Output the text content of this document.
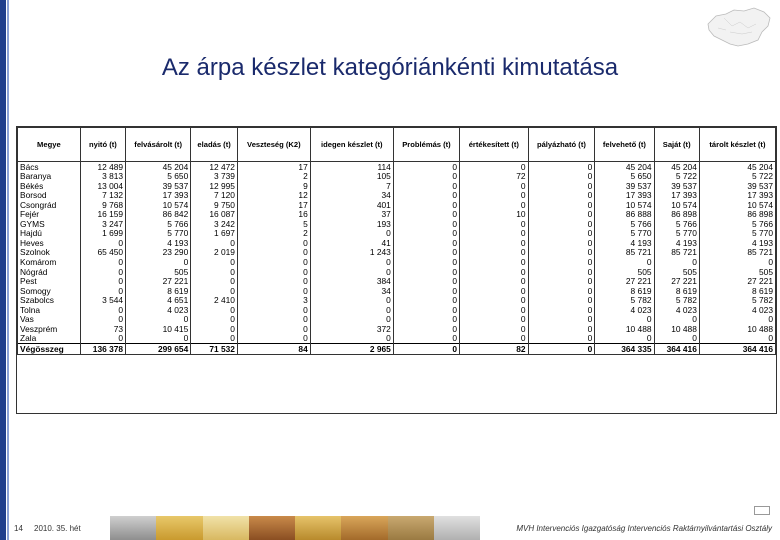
Az árpa készlet kategóriánkénti kimutatása
Megye	nyitó (t)	felvásárolt (t)	eladás (t)	Veszteség (K2)	idegen készlet (t)	Problémás (t)	értékesített (t)	pályázható (t)	felvehető (t)	Saját (t)	tárolt készlet (t)
Bács	12 489	45 204	12 472	17	114	0	0	0	45 204	45 204	45 204
Baranya	3 813	5 650	3 739	2	105	0	72	0	5 650	5 722	5 722
Békés	13 004	39 537	12 995	9	7	0	0	0	39 537	39 537	39 537
Borsod	7 132	17 393	7 120	12	34	0	0	0	17 393	17 393	17 393
Csongrád	9 768	10 574	9 750	17	401	0	0	0	10 574	10 574	10 574
Fejér	16 159	86 842	16 087	16	37	0	10	0	86 888	86 898	86 898
GYMS	3 247	5 766	3 242	5	193	0	0	0	5 766	5 766	5 766
Hajdú	1 699	5 770	1 697	2	0	0	0	0	5 770	5 770	5 770
Heves	0	4 193	0	0	41	0	0	0	4 193	4 193	4 193
Szolnok	65 450	23 290	2 019	0	1 243	0	0	0	85 721	85 721	85 721
Komárom	0	0	0	0	0	0	0	0	0	0	0
Nógrád	0	505	0	0	0	0	0	0	505	505	505
Pest	0	27 221	0	0	384	0	0	0	27 221	27 221	27 221
Somogy	0	8 619	0	0	34	0	0	0	8 619	8 619	8 619
Szabolcs	3 544	4 651	2 410	3	0	0	0	0	5 782	5 782	5 782
Tolna	0	4 023	0	0	0	0	0	0	4 023	4 023	4 023
Vas	0	0	0	0	0	0	0	0	0	0	0
Veszprém	73	10 415	0	0	372	0	0	0	10 488	10 488	10 488
Zala	0	0	0	0	0	0	0	0	0	0	0
Végösszeg	136 378	299 654	71 532	84	2 965	0	82	0	364 335	364 416	364 416
14 2010. 35. hét	MVH Intervenciós Igazgatóság Intervenciós Raktárnyilvántartási Osztály
